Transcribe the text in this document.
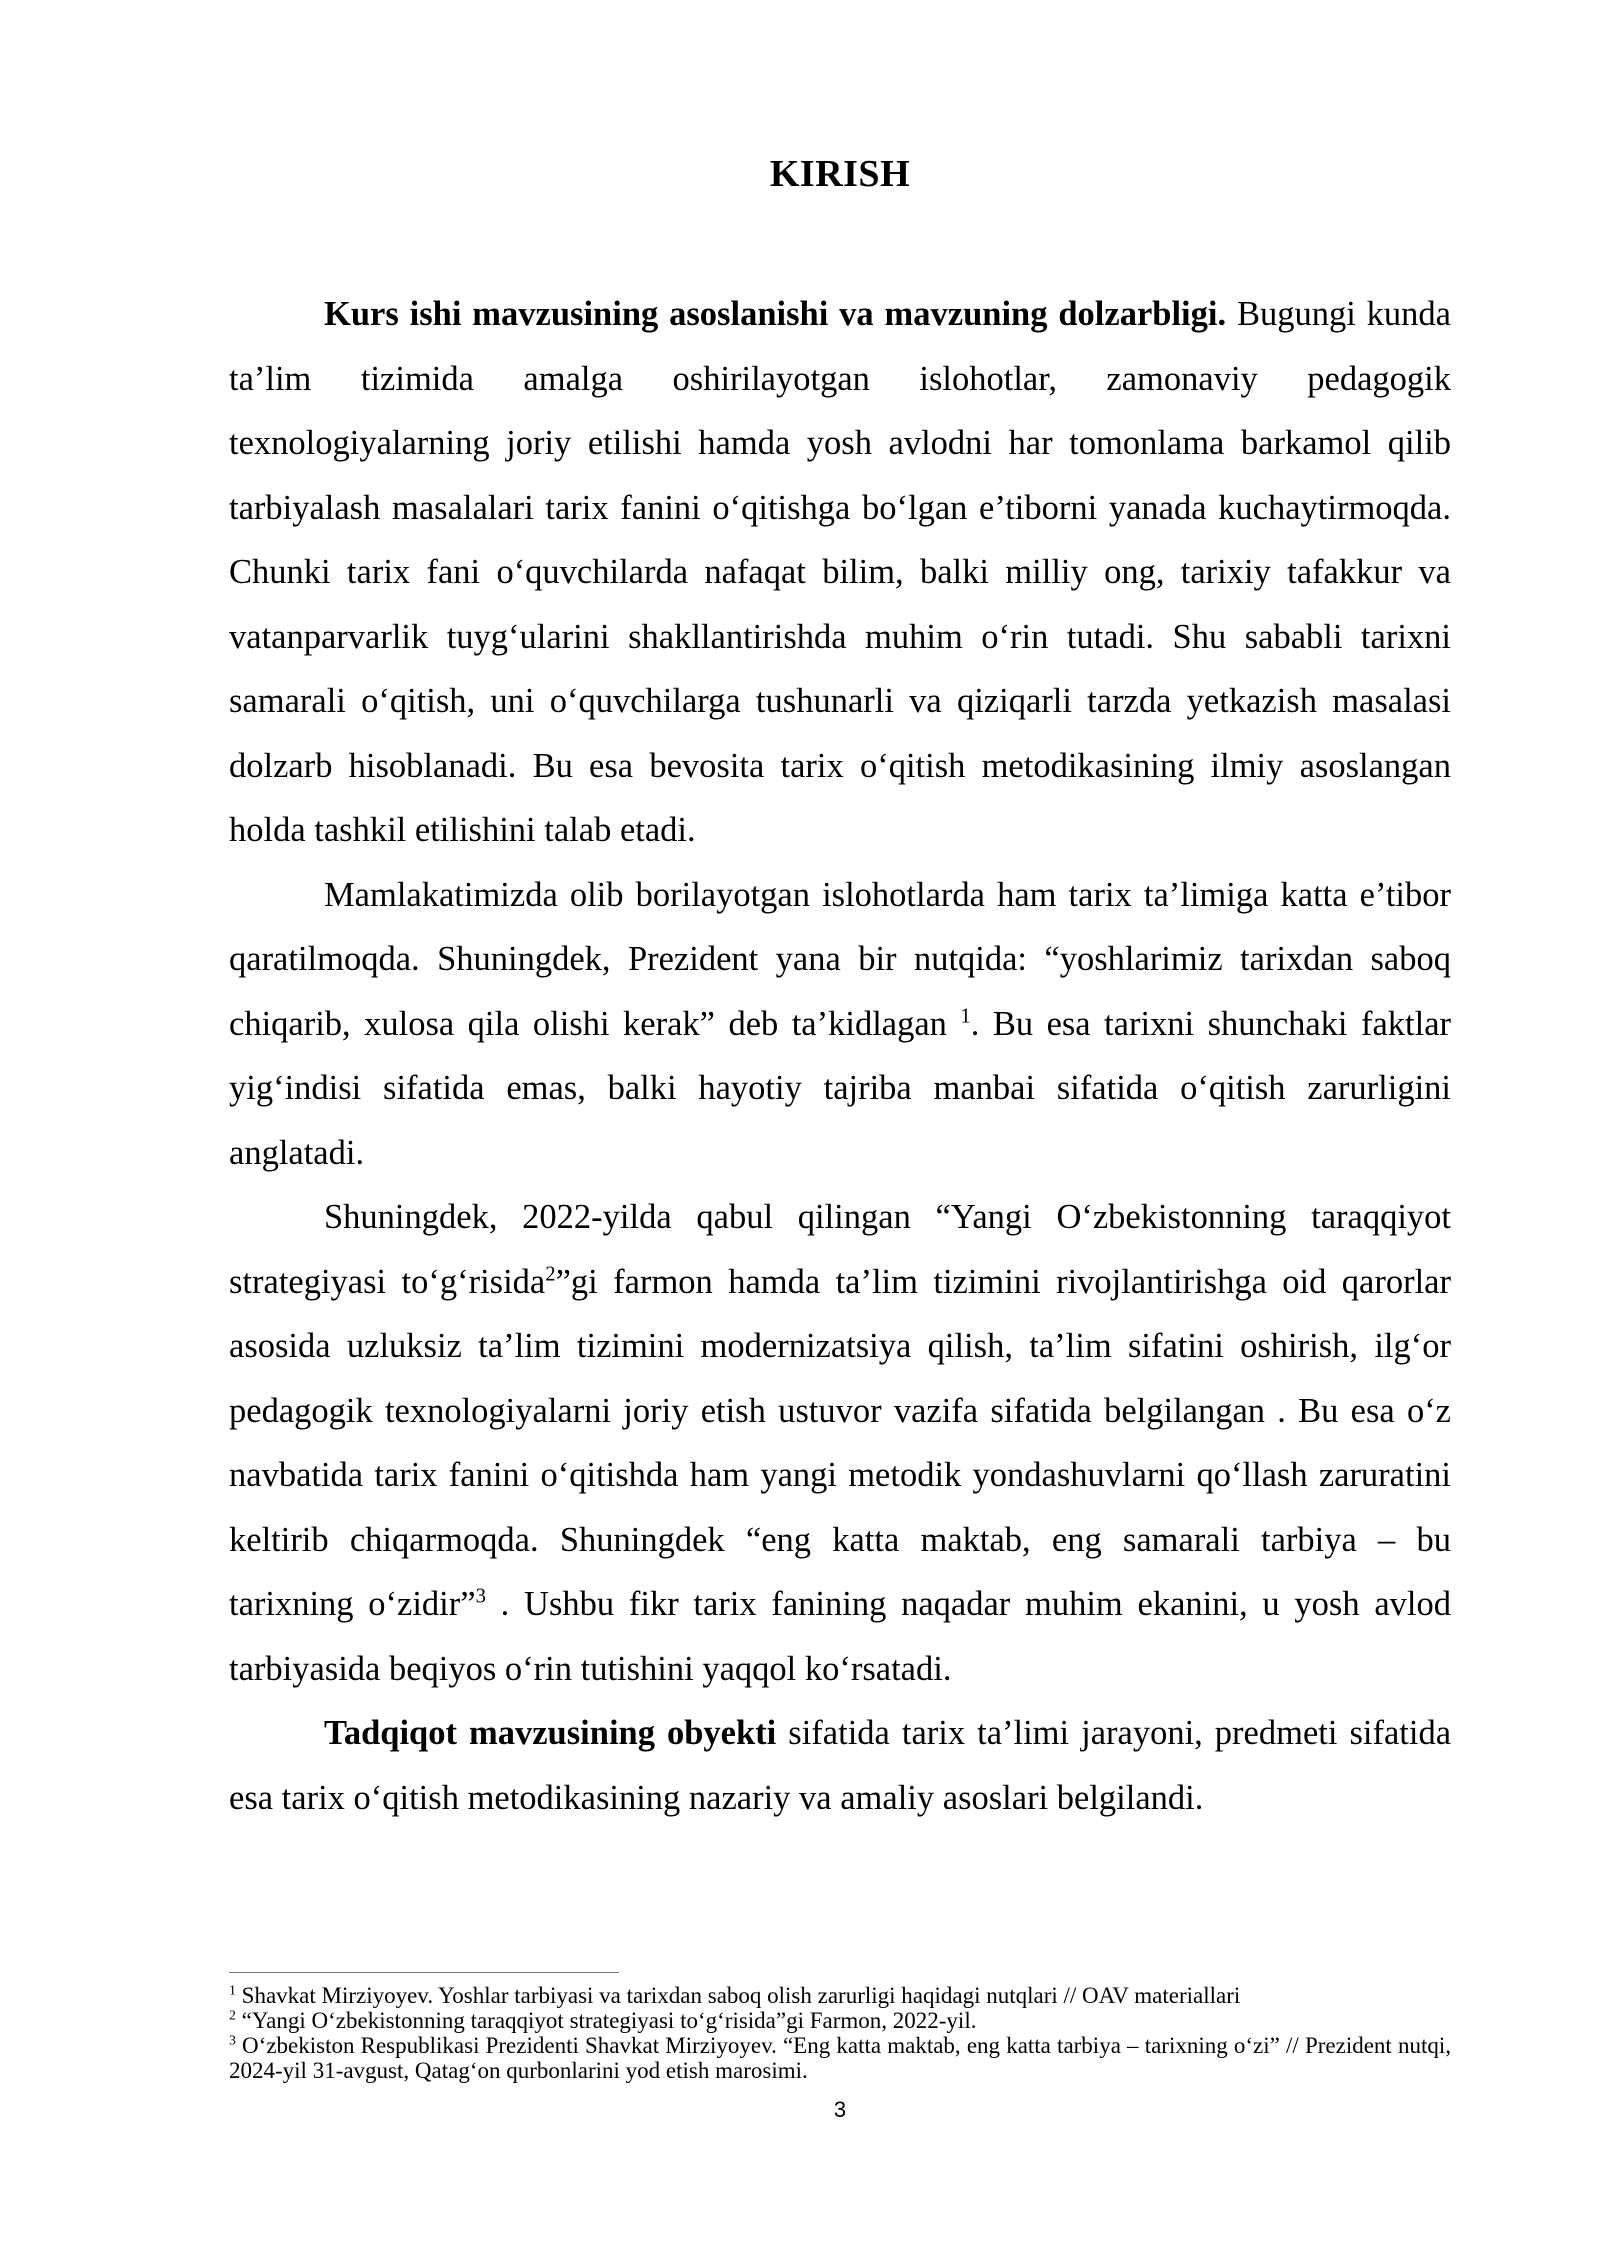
KIRISH

Kurs ishi mavzusining asoslanishi va mavzuning dolzarbligi. Bugungi kunda ta’lim tizimida amalga oshirilayotgan islohotlar, zamonaviy pedagogik texnologiyalarning joriy etilishi hamda yosh avlodni har tomonlama barkamol qilib tarbiyalash masalalari tarix fanini o‘qitishga bo‘lgan e’tiborni yanada kuchaytirmoqda. Chunki tarix fani o‘quvchilarda nafaqat bilim, balki milliy ong, tarixiy tafakkur va vatanparvarlik tuyg‘ularini shakllantirishda muhim o‘rin tutadi. Shu sababli tarixni samarali o‘qitish, uni o‘quvchilarga tushunarli va qiziqarli tarzda yetkazish masalasi dolzarb hisoblanadi. Bu esa bevosita tarix o‘qitish metodikasining ilmiy asoslangan holda tashkil etilishini talab etadi.

Mamlakatimizda olib borilayotgan islohotlarda ham tarix ta’limiga katta e’tibor qaratilmoqda. Shuningdek, Prezident yana bir nutqida: “yoshlarimiz tarixdan saboq chiqarib, xulosa qila olishi kerak” deb ta’kidlagan $^1$. Bu esa tarixni shunchaki faktlar yig‘indisi sifatida emas, balki hayotiy tajriba manbai sifatida o‘qitish zarurligini anglatadi.

Shuningdek, 2022-yilda qabul qilingan “Yangi O‘zbekistonning taraqqiyot strategiyasi to‘g‘risida$^2$”gi farmon hamda ta’lim tizimini rivojlantirishga oid qarorlar asosida uzluksiz ta’lim tizimini modernizatsiya qilish, ta’lim sifatini oshirish, ilg‘or pedagogik texnologiyalarni joriy etish ustuvor vazifa sifatida belgilangan . Bu esa o‘z navbatida tarix fanini o‘qitishda ham yangi metodik yondashuvlarni qo‘llash zaruratini keltirib chiqarmoqda. Shuningdek “eng katta maktab, eng samarali tarbiya – bu tarixning o‘zidir”$^3$ . Ushbu fikr tarix fanining naqadar muhim ekanini, u yosh avlod tarbiyasida beqiyos o‘rin tutishini yaqqol ko‘rsatadi.

Tadqiqot mavzusining obyekti sifatida tarix ta’limi jarayoni, predmeti sifatida esa tarix o‘qitish metodikasining nazariy va amaliy asoslari belgilandi.

$^1$ Shavkat Mirziyoyev. Yoshlar tarbiyasi va tarixdan saboq olish zarurligi haqidagi nutqlari // OAV materiallari

$^2$ “Yangi O‘zbekistonning taraqqiyot strategiyasi to‘g‘risida”gi Farmon, 2022-yil.

$^3$ O‘zbekiston Respublikasi Prezidenti Shavkat Mirziyoyev. “Eng katta maktab, eng katta tarbiya – tarixning o‘zi” // Prezident nutqi, 2024-yil 31-avgust, Qatag‘on qurbonlarini yod etish marosimi.

3
